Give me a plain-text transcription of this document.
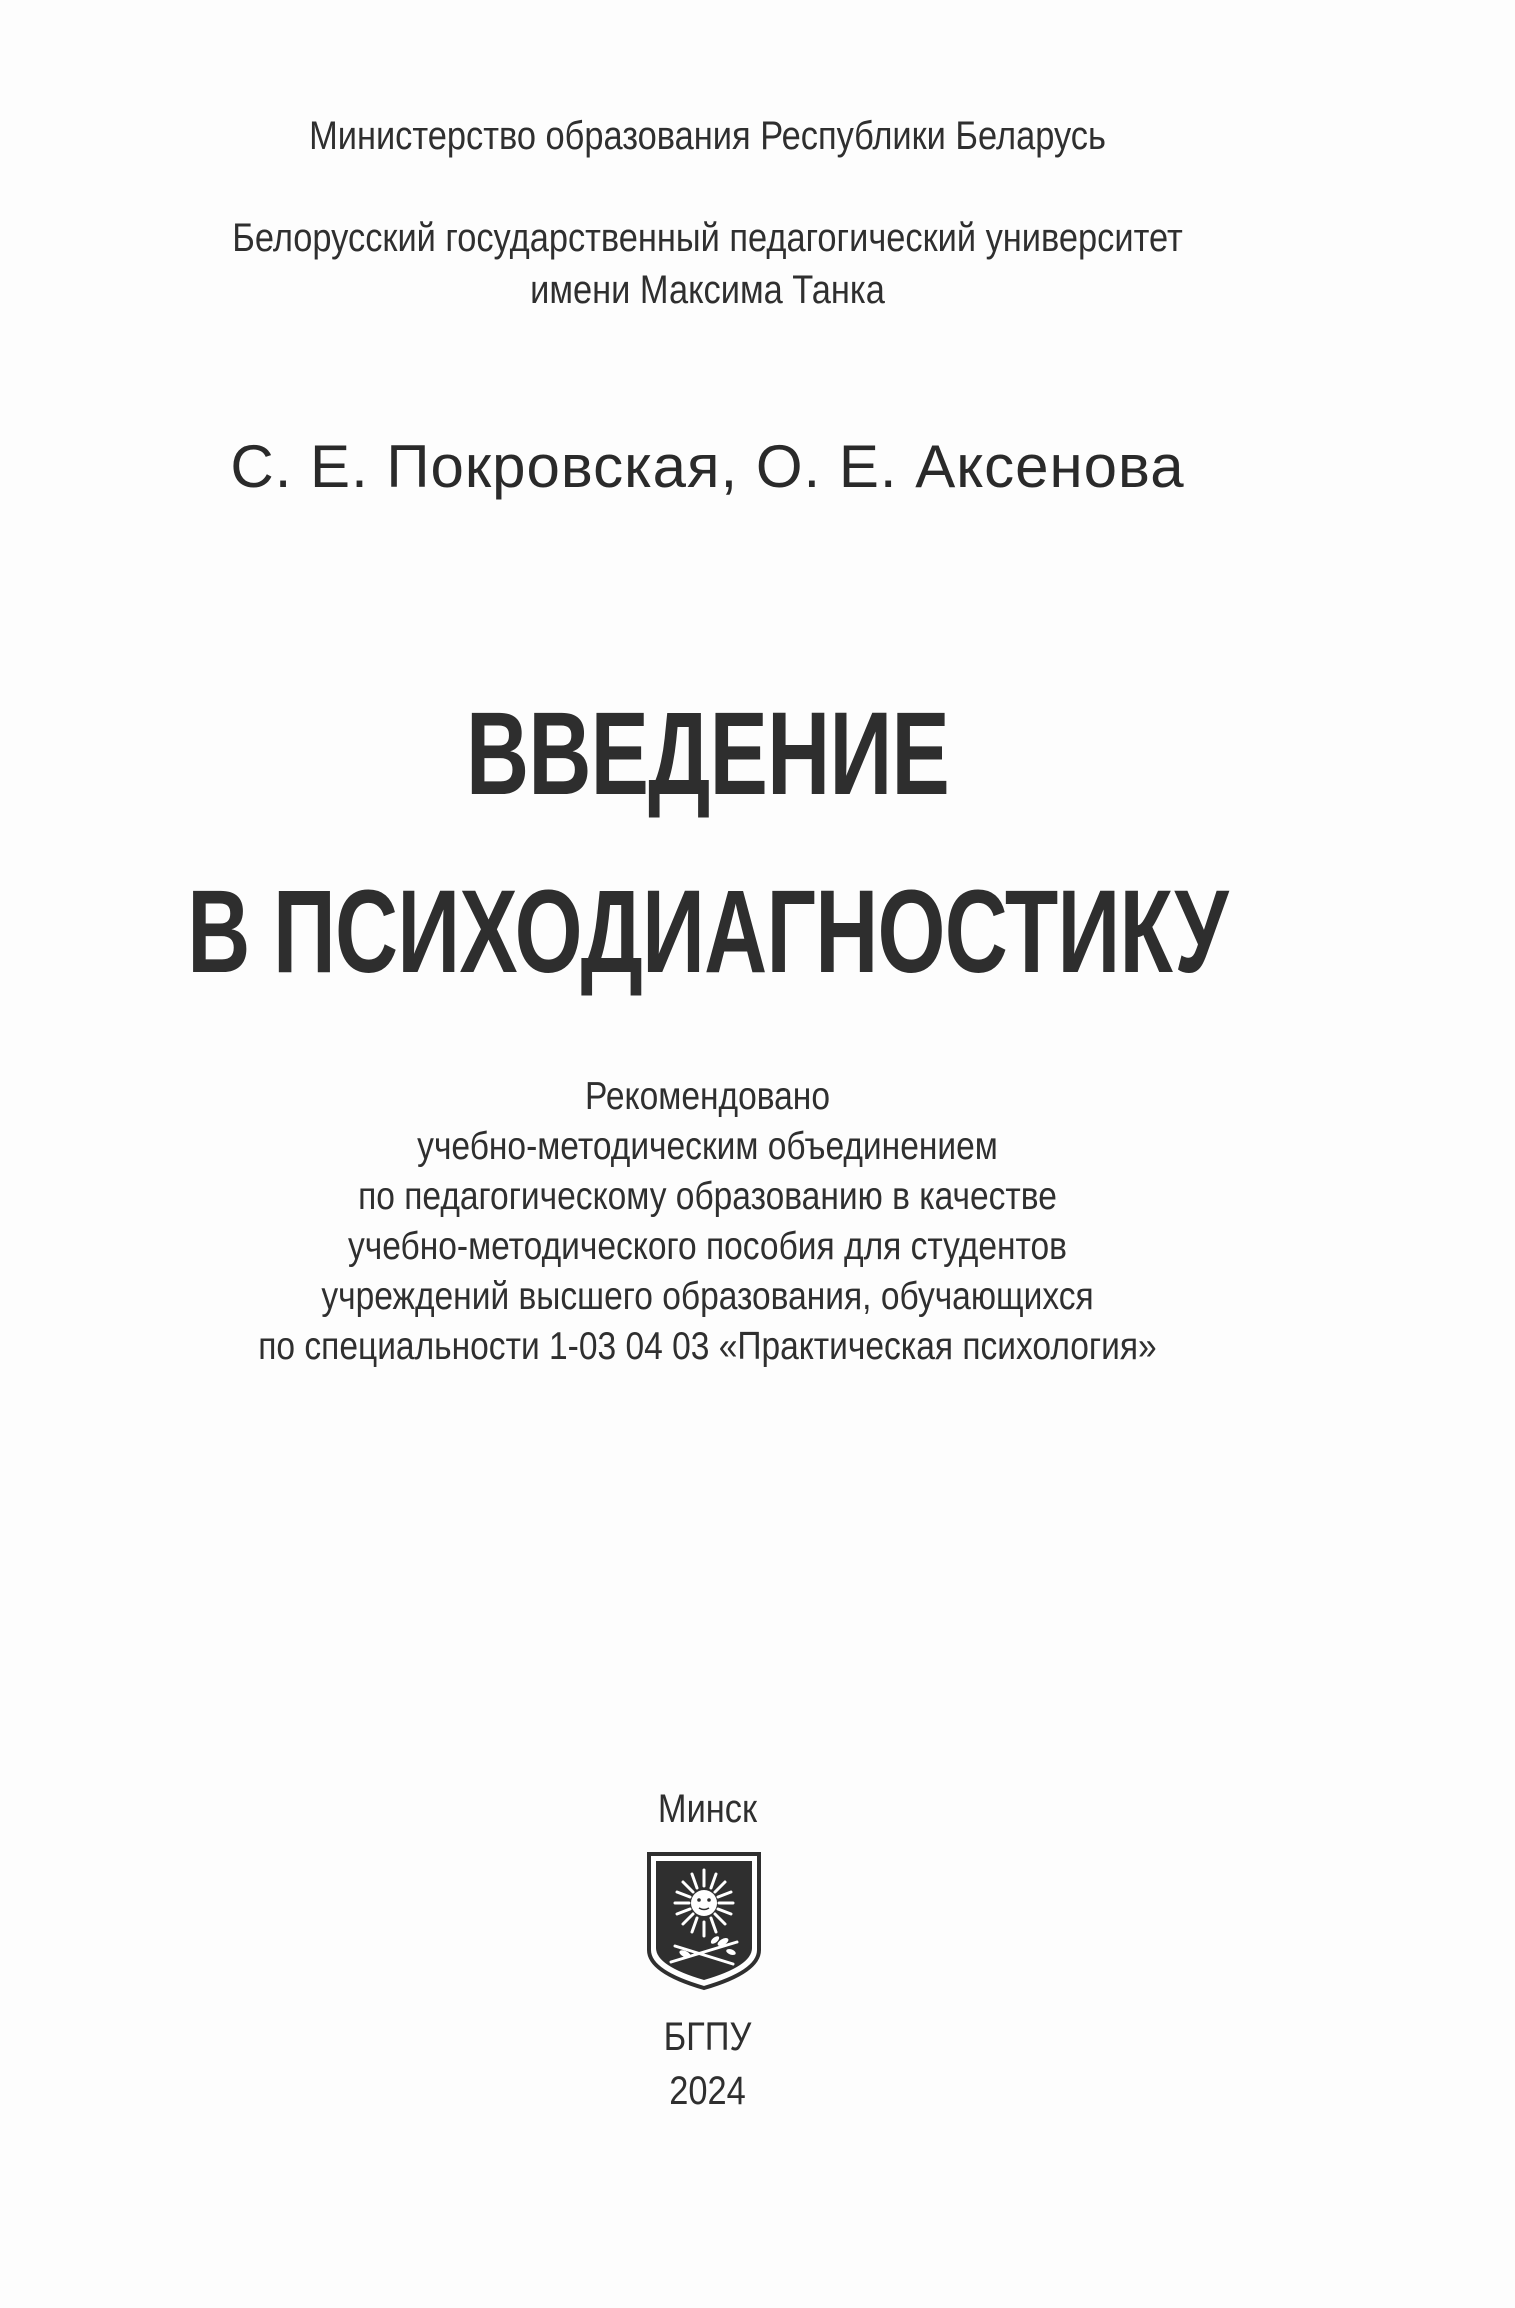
Министерство образования Республики Беларусь
Белорусский государственный педагогический университет
имени Максима Танка
С. Е. Покровская, О. Е. Аксенова
ВВЕДЕНИЕ
В ПСИХОДИАГНОСТИКУ
Рекомендовано
учебно-методическим объединением
по педагогическому образованию в качестве
учебно-методического пособия для студентов
учреждений высшего образования, обучающихся
по специальности 1-03 04 03 «Практическая психология»
Минск
БГПУ
2024
